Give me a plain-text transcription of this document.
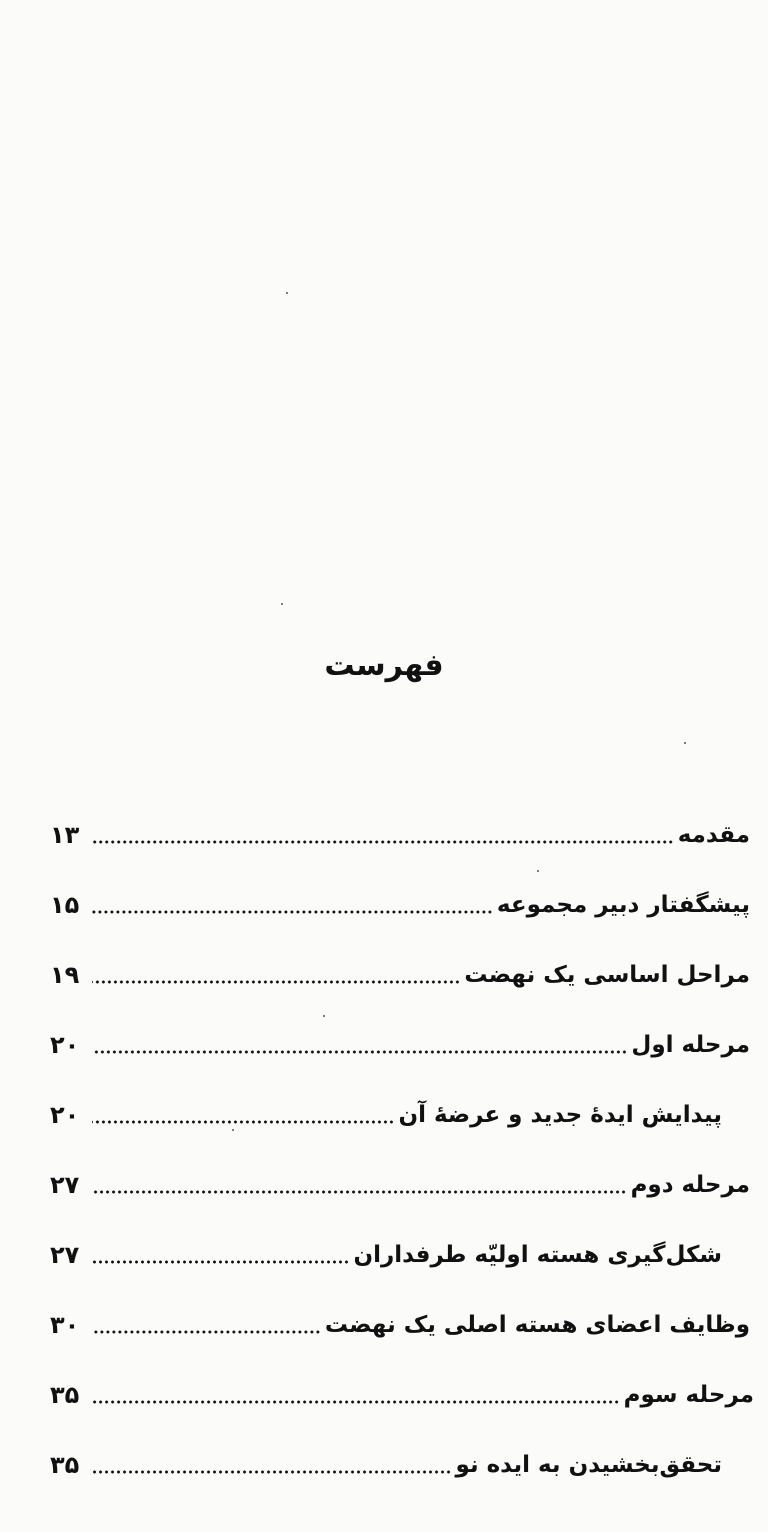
فهرست
مقدمه
۱۳
پیشگفتار دبیر مجموعه
۱۵
مراحل اساسی یک نهضت
۱۹
مرحله اول
۲۰
پیدایش ایدهٔ جدید و عرضهٔ آن
۲۰
مرحله دوم
۲۷
شکل‌گیری هسته اولیّه طرفداران
۲۷
وظایف اعضای هسته اصلی یک نهضت
۳۰
مرحله سوم
۳۵
تحقق‌بخشیدن به ایده نو
۳۵
